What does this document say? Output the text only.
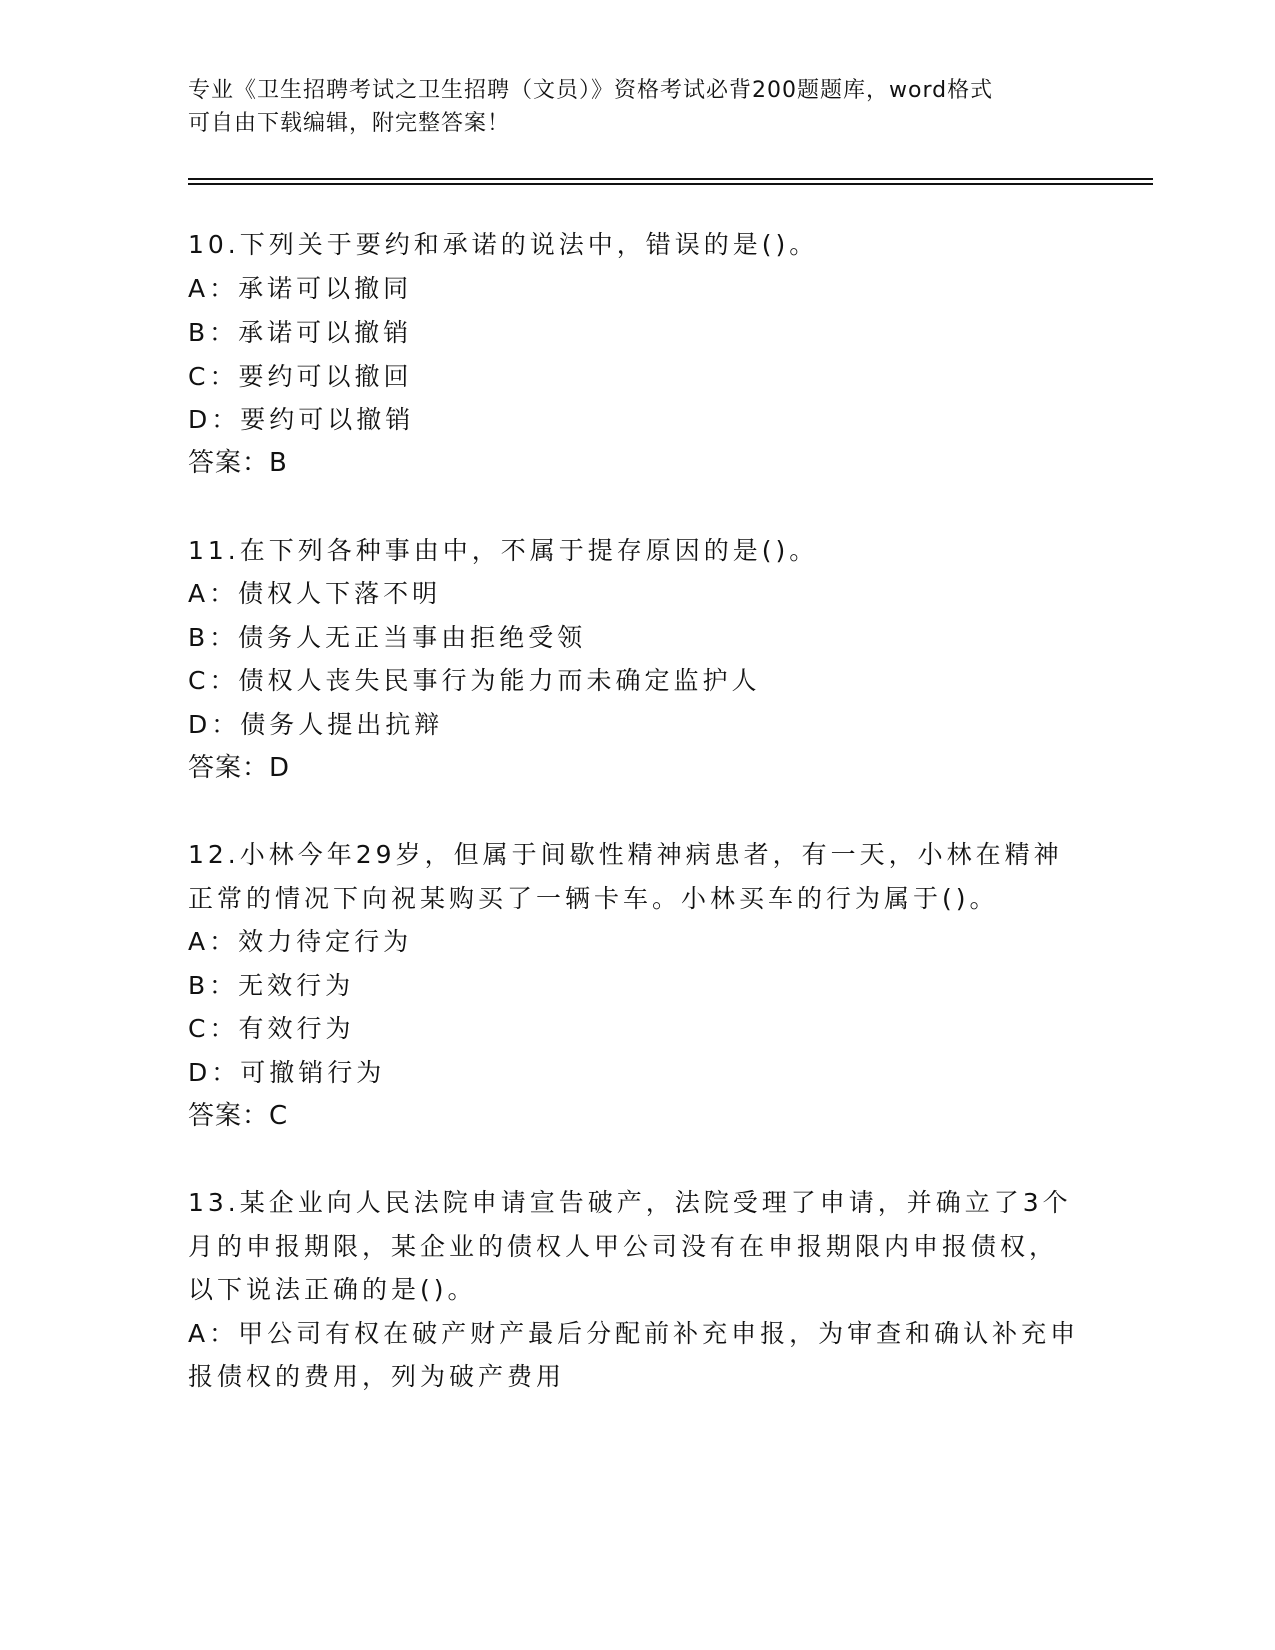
专业《卫生招聘考试之卫生招聘（文员）》资格考试必背200题题库，word格式
可自由下载编辑，附完整答案！
10.下列关于要约和承诺的说法中，错误的是()。
A：承诺可以撤同
B：承诺可以撤销
C：要约可以撤回
D：要约可以撤销
答案：B
11.在下列各种事由中，不属于提存原因的是()。
A：债权人下落不明
B：债务人无正当事由拒绝受领
C：债权人丧失民事行为能力而未确定监护人
D：债务人提出抗辩
答案：D
12.小林今年29岁，但属于间歇性精神病患者，有一天，小林在精神
正常的情况下向祝某购买了一辆卡车。小林买车的行为属于()。
A：效力待定行为
B：无效行为
C：有效行为
D：可撤销行为
答案：C
13.某企业向人民法院申请宣告破产，法院受理了申请，并确立了3个
月的申报期限，某企业的债权人甲公司没有在申报期限内申报债权，
以下说法正确的是()。
A：甲公司有权在破产财产最后分配前补充申报，为审查和确认补充申
报债权的费用，列为破产费用
